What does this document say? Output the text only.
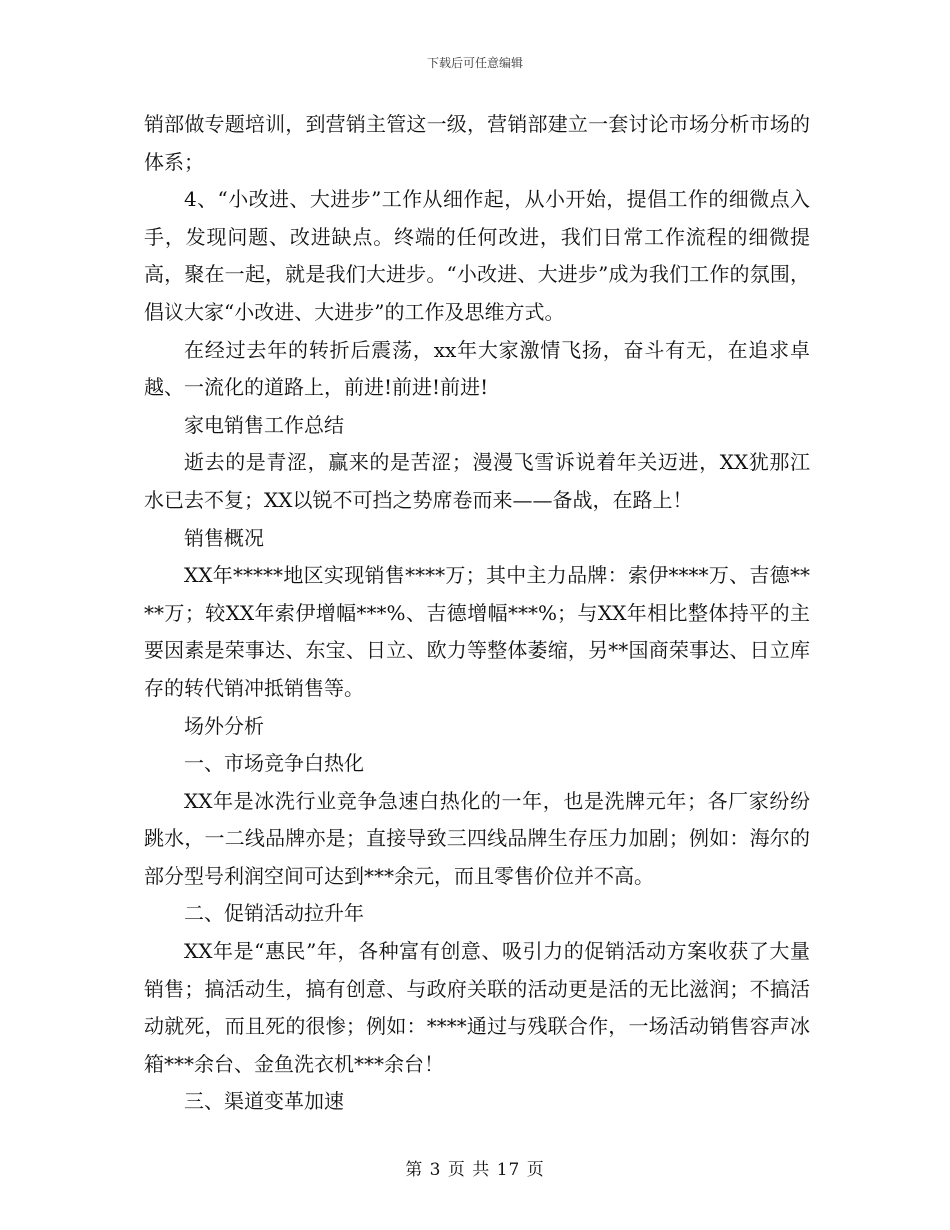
下载后可任意编辑

销部做专题培训，到营销主管这一级，营销部建立一套讨论市场分析市场的体系；

4、“小改进、大进步”工作从细作起，从小开始，提倡工作的细微点入手，发现问题、改进缺点。终端的任何改进，我们日常工作流程的细微提高，聚在一起，就是我们大进步。“小改进、大进步”成为我们工作的氛围，倡议大家“小改进、大进步”的工作及思维方式。

在经过去年的转折后震荡，xx年大家激情飞扬，奋斗有无，在追求卓越、一流化的道路上，前进!前进!前进!

家电销售工作总结

逝去的是青涩，赢来的是苦涩；漫漫飞雪诉说着年关迈进，XX犹那江水已去不复；XX以锐不可挡之势席卷而来——备战，在路上！

销售概况

XX年*****地区实现销售****万；其中主力品牌：索伊****万、吉德****万；较XX年索伊增幅***%、吉德增幅***%；与XX年相比整体持平的主要因素是荣事达、东宝、日立、欧力等整体萎缩，另**国商荣事达、日立库存的转代销冲抵销售等。

场外分析

一、市场竞争白热化

XX年是冰洗行业竞争急速白热化的一年，也是洗牌元年；各厂家纷纷跳水，一二线品牌亦是；直接导致三四线品牌生存压力加剧；例如：海尔的部分型号利润空间可达到***余元，而且零售价位并不高。

二、促销活动拉升年

XX年是“惠民”年，各种富有创意、吸引力的促销活动方案收获了大量销售；搞活动生，搞有创意、与政府关联的活动更是活的无比滋润；不搞活动就死，而且死的很惨；例如：****通过与残联合作，一场活动销售容声冰箱***余台、金鱼洗衣机***余台！

三、渠道变革加速

第 3 页 共 17 页
